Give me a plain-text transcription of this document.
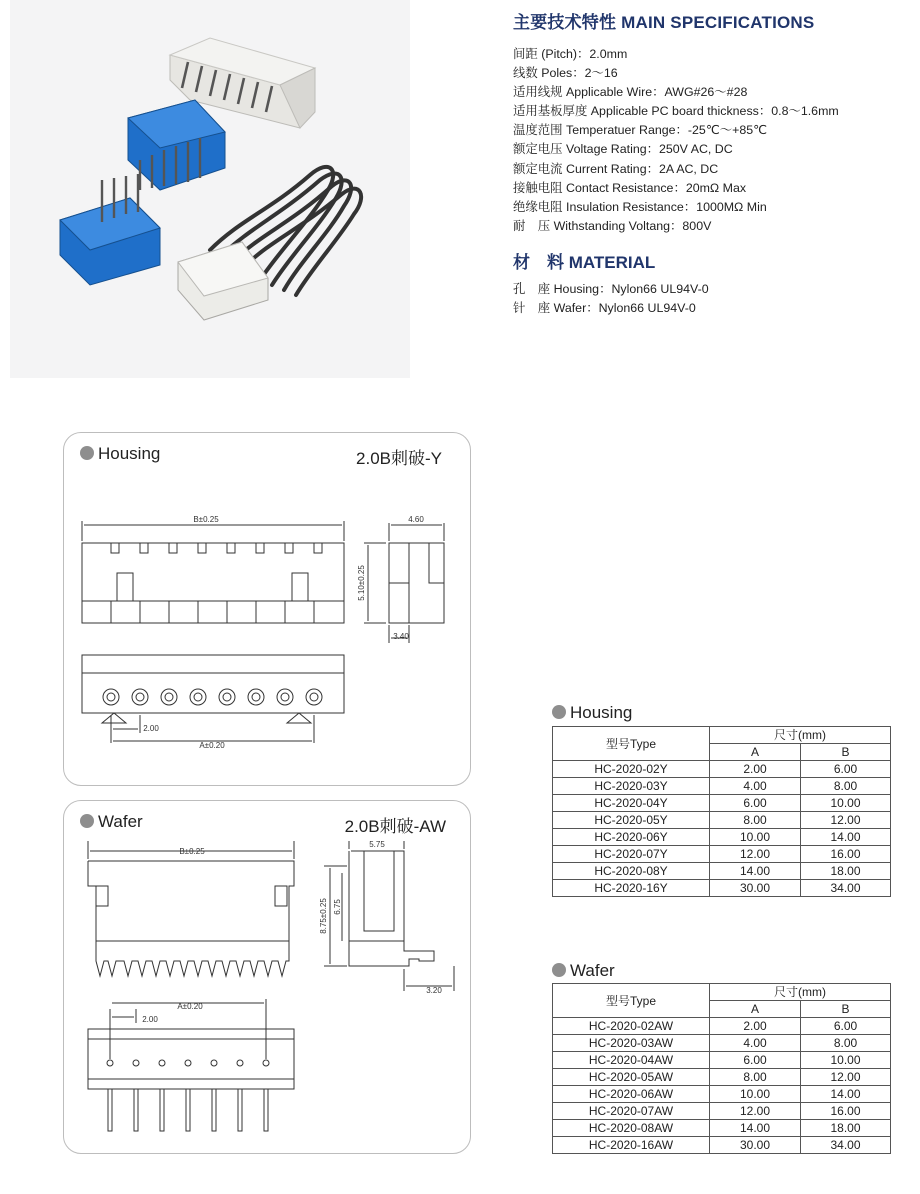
主要技术特性 MAIN SPECIFICATIONS
间距 (Pitch)：2.0mm
线数 Poles：2～16
适用线规 Applicable Wire：AWG#26～#28
适用基板厚度 Applicable PC board thickness：0.8～1.6mm
温度范围 Temperatuer Range：-25℃～+85℃
额定电压 Voltage Rating：250V AC, DC
额定电流 Current Rating：2A AC, DC
接触电阻 Contact Resistance：20mΩ Max
绝缘电阻 Insulation Resistance：1000MΩ Min
耐　压 Withstanding Voltang：800V
材　料 MATERIAL
孔　座 Housing：Nylon66 UL94V-0
针　座 Wafer：Nylon66 UL94V-0
Housing	2.0B刺破-Y
B±0.25	4.60
5.10±0.25
3.40
2.00
A±0.20
Wafer	2.0B刺破-AW
B±0.25
5.75
8.75±0.25 6.75
3.20
A±0.20
2.00
Housing
型号Type	尺寸(mm)	
	A	B
HC-2020-02Y	2.00	6.00
HC-2020-03Y	4.00	8.00
HC-2020-04Y	6.00	10.00
HC-2020-05Y	8.00	12.00
HC-2020-06Y	10.00	14.00
HC-2020-07Y	12.00	16.00
HC-2020-08Y	14.00	18.00
HC-2020-16Y	30.00	34.00
Wafer
型号Type	尺寸(mm)	
	A	B
HC-2020-02AW	2.00	6.00
HC-2020-03AW	4.00	8.00
HC-2020-04AW	6.00	10.00
HC-2020-05AW	8.00	12.00
HC-2020-06AW	10.00	14.00
HC-2020-07AW	12.00	16.00
HC-2020-08AW	14.00	18.00
HC-2020-16AW	30.00	34.00
